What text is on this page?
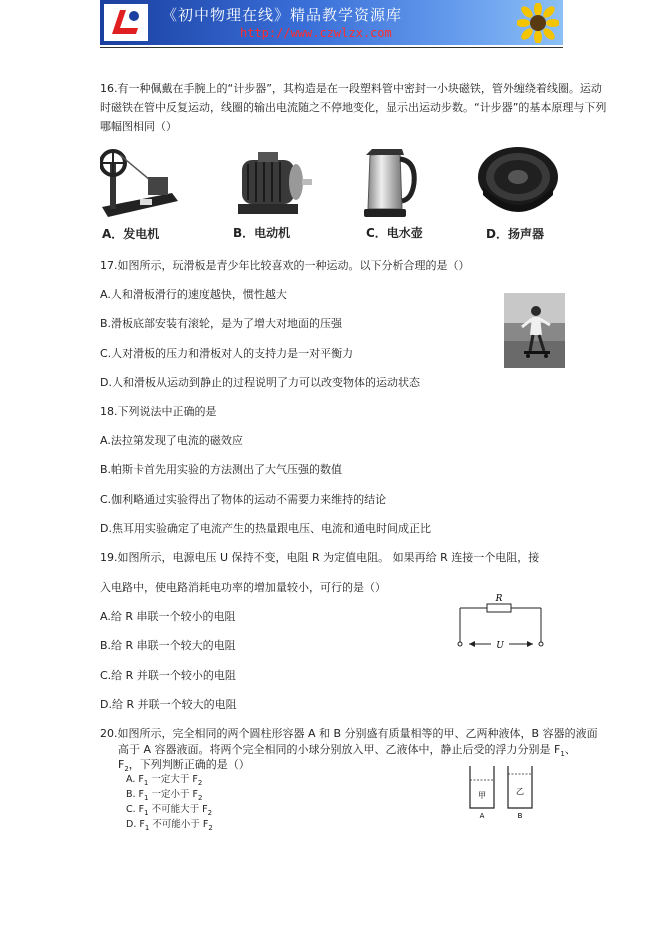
《初中物理在线》精品教学资源库
http://www.czwlzx.com
16.有一种佩戴在手腕上的“计步器”，其构造是在一段塑料管中密封一小块磁铁，管外缠绕着线圈。运动
时磁铁在管中反复运动，线圈的输出电流随之不停地变化，显示出运动步数。“计步器”的基本原理与下列
哪幅图相同（）
A．发电机	B．电动机	C．电水壶	D．扬声器
17.如图所示，玩滑板是青少年比较喜欢的一种运动。以下分析合理的是（）
A.人和滑板滑行的速度越快，惯性越大
B.滑板底部安装有滚轮，是为了增大对地面的压强
C.人对滑板的压力和滑板对人的支持力是一对平衡力
D.人和滑板从运动到静止的过程说明了力可以改变物体的运动状态
18.下列说法中正确的是
A.法拉第发现了电流的磁效应
B.帕斯卡首先用实验的方法测出了大气压强的数值
C.伽利略通过实验得出了物体的运动不需要力来维持的结论
D.焦耳用实验确定了电流产生的热量跟电压、电流和通电时间成正比
19.如图所示，电源电压 U 保持不变，电阻 R 为定值电阻。 如果再给 R 连接一个电阻，接
入电路中，使电路消耗电功率的增加量较小，可行的是（）
A.给 R 串联一个较小的电阻
B.给 R 串联一个较大的电阻
C.给 R 并联一个较小的电阻
D.给 R 并联一个较大的电阻
R
U
20.如图所示，完全相同的两个圆柱形容器 A 和 B 分别盛有质量相等的甲、乙两种液体，B 容器的液面
高于 A 容器液面。将两个完全相同的小球分别放入甲、乙液体中，静止后受的浮力分别是 $F_1$、
$F_2$，下列判断正确的是（）
A. $F_1$ 一定大于 $F_2$
B. $F_1$ 一定小于 $F_2$
C. $F_1$ 不可能大于 $F_2$
D. $F_1$ 不可能小于 $F_2$
甲	乙
A	B
